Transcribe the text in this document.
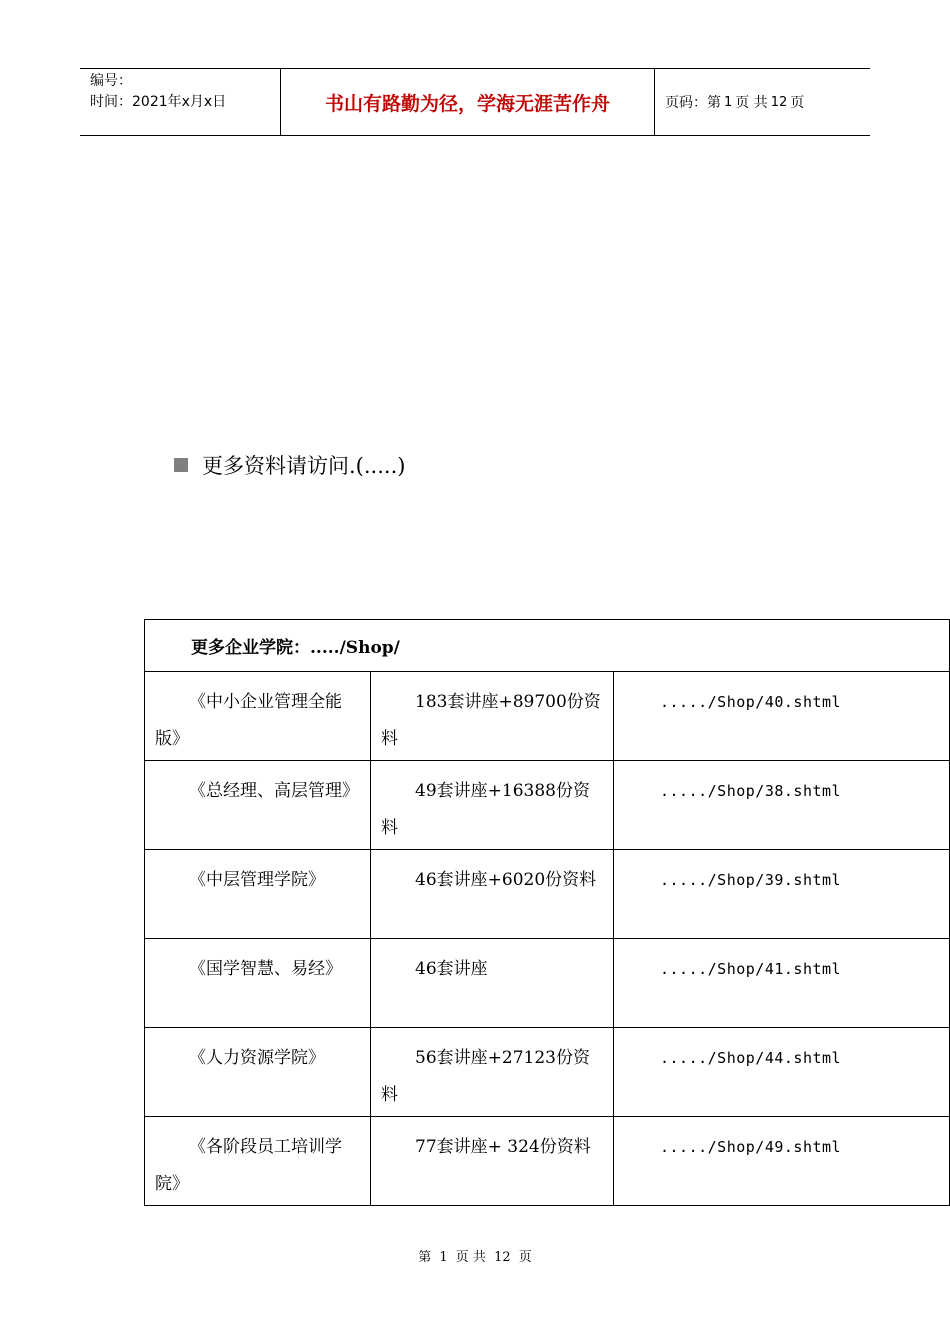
编号：
时间：2021年x月x日	书山有路勤为径，学海无涯苦作舟	页码：第 1 页 共 12 页
更多资料请访问.(.....)
更多企业学院：...../Shop/		

《中小企业管理全能版》	183套讲座+89700份资料	...../Shop/40.shtml

《总经理、高层管理》	49套讲座+16388份资料	...../Shop/38.shtml

《中层管理学院》	46套讲座+6020份资料	...../Shop/39.shtml

《国学智慧、易经》	46套讲座	...../Shop/41.shtml

《人力资源学院》	56套讲座+27123份资料	...../Shop/44.shtml

《各阶段员工培训学院》	77套讲座+ 324份资料	...../Shop/49.shtml
第 1 页 共 12 页
